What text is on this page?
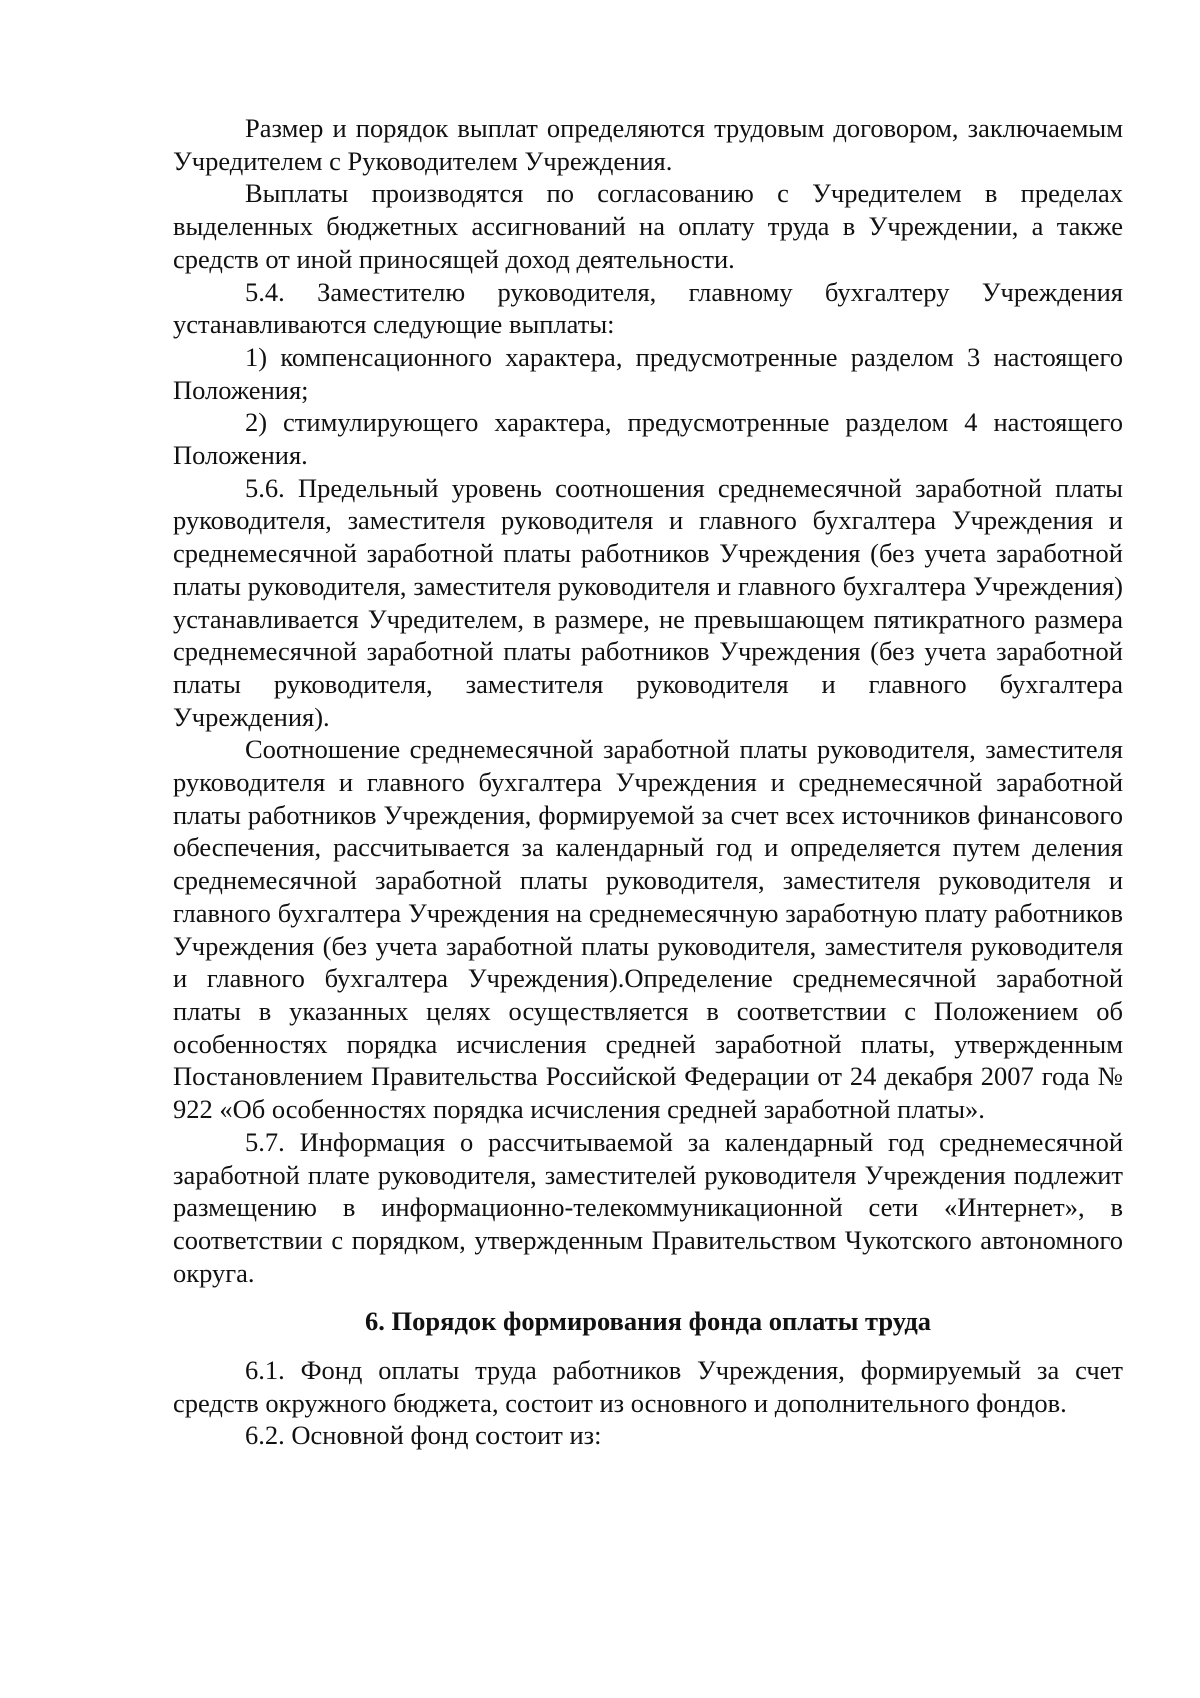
Размер и порядок выплат определяются трудовым договором, заключаемым Учредителем с Руководителем Учреждения.

Выплаты производятся по согласованию с Учредителем в пределах выделенных бюджетных ассигнований на оплату труда в Учреждении, а также средств от иной приносящей доход деятельности.

5.4. Заместителю руководителя, главному бухгалтеру Учреждения устанавливаются следующие выплаты:

1) компенсационного характера, предусмотренные разделом 3 настоящего Положения;

2) стимулирующего характера, предусмотренные разделом 4 настоящего Положения.

5.6. Предельный уровень соотношения среднемесячной заработной платы руководителя, заместителя руководителя и главного бухгалтера Учреждения и среднемесячной заработной платы работников Учреждения (без учета заработной платы руководителя, заместителя руководителя и главного бухгалтера Учреждения) устанавливается Учредителем, в размере, не превышающем пятикратного размера среднемесячной заработной платы работников Учреждения (без учета заработной платы руководителя, заместителя руководителя и главного бухгалтера Учреждения).

Соотношение среднемесячной заработной платы руководителя, заместителя руководителя и главного бухгалтера Учреждения и среднемесячной заработной платы работников Учреждения, формируемой за счет всех источников финансового обеспечения, рассчитывается за календарный год и определяется путем деления среднемесячной заработной платы руководителя, заместителя руководителя и главного бухгалтера Учреждения на среднемесячную заработную плату работников Учреждения (без учета заработной платы руководителя, заместителя руководителя и главного бухгалтера Учреждения).Определение среднемесячной заработной платы в указанных целях осуществляется в соответствии с Положением об особенностях порядка исчисления средней заработной платы, утвержденным Постановлением Правительства Российской Федерации от 24 декабря 2007 года № 922 «Об особенностях порядка исчисления средней заработной платы».

5.7. Информация о рассчитываемой за календарный год среднемесячной заработной плате руководителя, заместителей руководителя Учреждения подлежит размещению в информационно-телекоммуникационной сети «Интернет», в соответствии с порядком, утвержденным Правительством Чукотского автономного округа.

6. Порядок формирования фонда оплаты труда

6.1. Фонд оплаты труда работников Учреждения, формируемый за счет средств окружного бюджета, состоит из основного и дополнительного фондов.

6.2. Основной фонд состоит из:
